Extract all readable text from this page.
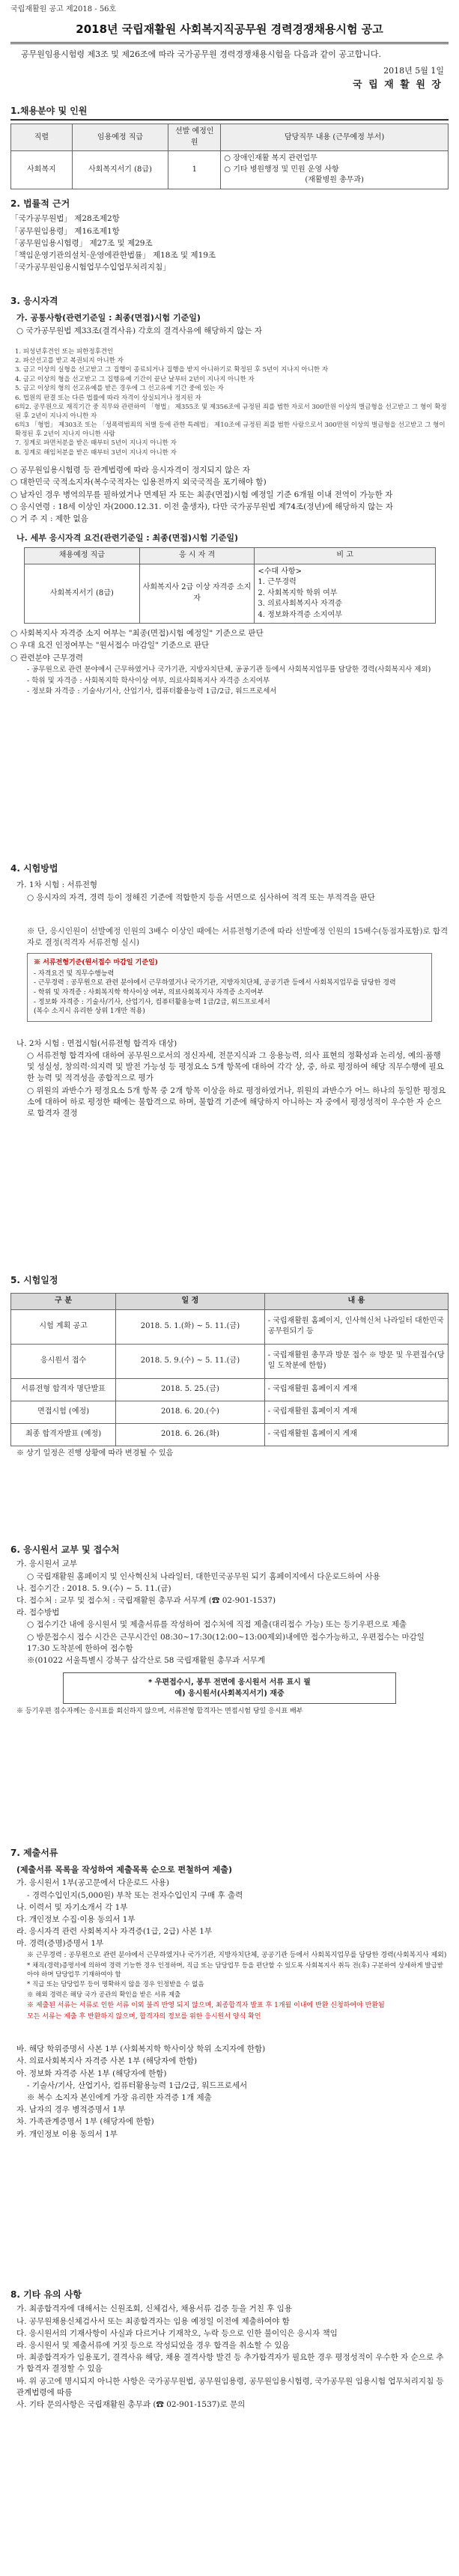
국립재활원 공고 제2018 - 56호
2018년 국립재활원 사회복지직공무원 경력경쟁채용시험 공고
공무원임용시험령 제3조 및 제26조에 따라 국가공무원 경력경쟁채용시험을 다음과 같이 공고합니다.
2018년 5월 1일
국 립 재 활 원 장
1.채용분야 및 인원
직렬	임용예정 직급	선발 예정인원	담당직무 내용 (근무예정 부서)
사회복지	사회복지서기 (8급)	1	○ 장애인재활 복지 관련업무
○ 기타 병원행정 및 민원 운영 사항
(재활병원 총무과)
2. 법률적 근거
「국가공무원법」 제28조제2항
「공무원임용령」 제16조제1항
「공무원임용시험령」 제27조 및 제29조
「책임운영기관의설치·운영에관한법률」 제18조 및 제19조
「국가공무원임용시험업무수입업무처리지침」
3. 응시자격
가. 공통사항(관련기준일 : 최종(면접)시험 기준일)
○ 국가공무원법 제33조(결격사유) 각호의 결격사유에 해당하지 않는 자
1. 피성년후견인 또는 피한정후견인
2. 파산선고를 받고 복권되지 아니한 자
3. 금고 이상의 실형을 선고받고 그 집행이 종료되거나 집행을 받지 아니하기로 확정된 후 5년이 지나지 아니한 자
4. 금고 이상의 형을 선고받고 그 집행유예 기간이 끝난 날부터 2년이 지나지 아니한 자
5. 금고 이상의 형의 선고유예를 받은 경우에 그 선고유예 기간 중에 있는 자
6. 법원의 판결 또는 다른 법률에 따라 자격이 상실되거나 정지된 자
6의2. 공무원으로 재직기간 중 직무와 관련하여 「형법」 제355조 및 제356조에 규정된 죄를 범한 자로서 300만원 이상의 벌금형을 선고받고 그 형이 확정된 후 2년이 지나지 아니한 자
6의3 「형법」 제303조 또는 「성폭력범죄의 처벌 등에 관한 특례법」 제10조에 규정된 죄를 범한 사람으로서 300만원 이상의 벌금형을 선고받고 그 형이 확정된 후 2년이 지나지 아니한 사람
7. 징계로 파면처분을 받은 때부터 5년이 지나지 아니한 자
8. 징계로 해임처분을 받은 때부터 3년이 지나지 아니한 자
○ 공무원임용시험령 등 관계법령에 따라 응시자격이 정지되지 않은 자
○ 대한민국 국적소지자(복수국적자는 임용전까지 외국국적을 포기해야 함)
○ 남자인 경우 병역의무를 필하였거나 면제된 자 또는 최종(면접)시험 예정일 기준 6개월 이내 전역이 가능한 자
○ 응시연령 : 18세 이상인 자(2000.12.31. 이전 출생자), 다만 국가공무원법 제74조(정년)에 해당하지 않는 자
○ 거 주 지 : 제한 없음
나. 세부 응시자격 요건(관련기준일 : 최종(면접)시험 기준일)
채용예정 직급	응 시 자 격	비 고
사회복지서기 (8급)	사회복지사 2급 이상 자격증 소지자	<수대 사항>
1. 근무경력
2. 사회복지학 학위 여부
3. 의료사회복지사 자격증
4. 정보화자격증 소지여부
○ 사회복지사 자격증 소지 여부는 "최종(면접)시험 예정일" 기준으로 판단
○ 우대 요건 인정여부는 "원서접수 마감일" 기준으로 판단
○ 관련분야 근무경력
- 공무원으로 관련 분야에서 근무하였거나 국가기관, 지방자치단체, 공공기관 등에서 사회복지업무를 담당한 경력(사회복지사 제외)
- 학위 및 자격증 : 사회복지학 학사이상 여부, 의료사회복지사 자격증 소지여부
- 정보화 자격증 : 기술사/기사, 산업기사, 컴퓨터활용능력 1급/2급, 워드프로세서
4. 시험방법
가. 1차 시험 : 서류전형
○ 응시자의 자격, 경력 등이 정해진 기준에 적합한지 등을 서면으로 심사하여 적격 또는 부적격을 판단
※ 단, 응시인원이 선발예정 인원의 3배수 이상인 때에는 서류전형기준에 따라 선발예정 인원의 15배수(동점자포함)로 합격자로 결정(적격자 서류전형 실시)
※ 서류전형기준(원서접수 마감일 기준일)
- 자격요건 및 직무수행능력
- 근무경력 : 공무원으로 관련 분야에서 근무하였거나 국가기관, 지방자치단체, 공공기관 등에서 사회복지업무를 담당한 경력
- 학위 및 자격증 : 사회복지학 학사이상 여부, 의료사회복지사 자격증 소지여부
- 정보화 자격증 : 기술사/기사, 산업기사, 컴퓨터활용능력 1급/2급, 워드프로세서
(복수 소지시 유리한 상위 1개만 적용)
나. 2차 시험 : 면접시험(서류전형 합격자 대상)
○ 서류전형 합격자에 대하여 공무원으로서의 정신자세, 전문지식과 그 응용능력, 의사 표현의 정확성과 논리성, 예의·품행 및 성실성, 창의력·의지력 및 발전 가능성 등 평정요소 5개 항목에 대하여 각각 상, 중, 하로 평정하여 해당 직무수행에 필요한 능력 및 적격성을 종합적으로 평가
○ 위원의 과반수가 평정요소 5개 항목 중 2개 항목 이상을 하로 평정하였거나, 위원의 과반수가 어느 하나의 동일한 평정요소에 대하여 하로 평정한 때에는 불합격으로 하며, 불합격 기준에 해당하지 아니하는 자 중에서 평정성적이 우수한 자 순으로 합격자 결정
5. 시험일정
구 분	일 정	내 용
시험 계획 공고	2018. 5. 1.(화) ~ 5. 11.(금)	- 국립재활원 홈페이지, 인사혁신처 나라일터 대한민국 공무원되기 등
응시원서 접수	2018. 5. 9.(수) ~ 5. 11.(금)	- 국립재활원 총무과 방문 접수 ※ 방문 및 우편접수(당일 도착분에 한함)
서류전형 합격자 명단발표	2018. 5. 25.(금)	- 국립재활원 홈페이지 게재
면접시험 (예정)	2018. 6. 20.(수)	- 국립재활원 홈페이지 게재
최종 합격자발표 (예정)	2018. 6. 26.(화)	- 국립재활원 홈페이지 게재
※ 상기 일정은 진행 상황에 따라 변경될 수 있음
6. 응시원서 교부 및 접수처
가. 응시원서 교부
○ 국립재활원 홈페이지 및 인사혁신처 나라일터, 대한민국공무원 되기 홈페이지에서 다운로드하여 사용
나. 접수기간 : 2018. 5. 9.(수) ~ 5. 11.(금)
다. 접수처 : 교무 및 접수처 : 국립재활원 총무과 서무계 (☎ 02-901-1537)
라. 접수방법
○ 접수기간 내에 응시원서 및 제출서류를 작성하여 접수처에 직접 제출(대리접수 가능) 또는 등기우편으로 제출
○ 방문접수시 접수 시간은 근무시간인 08:30~17:30(12:00~13:00제외)내에만 접수가능하고, 우편접수는 마감일 17:30 도착분에 한하여 접수함
※(01022 서울특별시 강북구 삼각산로 58 국립재활원 총무과 서무계
* 우편접수시, 봉투 전면에 응시원서 서류 표시 필
예) 응시원서(사회복지서기) 재중
※ 등기우편 접수자께는 응시표를 회신하지 않으며, 서류전형 합격자는 면접시험 당일 응시표 배부
7. 제출서류
(제출서류 목록을 작성하여 제출목록 순으로 편철하여 제출)
가. 응시원서 1부(공고문에서 다운로드 사용)
- 경력수입인지(5,000원) 부착 또는 전자수입인지 구매 후 출력
나. 이력서 및 자기소개서 각 1부
다. 개인정보 수집·이용 동의서 1부
라. 응시자격 관련 사회복지사 자격증(1급, 2급) 사본 1부
마. 경력(증명)증명서 1부
※ 근무경력 : 공무원으로 관련 분야에서 근무하였거나 국가기관, 지방자치단체, 공공기관 등에서 사회복지업무를 담당한 경력(사회복지사 제외)
* 채직(경력)증명서에 의하여 경력 기능한 경우 인정하며, 직급 또는 담당업무 등을 편단할 수 있도록 사회복지사 취득 전(후) 구분하여 상세하게 발급받아야 하며 담당업무 기재하여야 함
* 직급 또는 담당업무 등이 명확하지 않을 경우 인정받을 수 없음
※ 해외 경력은 해당 국가 공관의 확인을 받은 서류 제출
※ 제출된 서류는 서류로 인한 서류 이외 불리 반영 되지 않으며, 최종합격자 발표 후 1개월 이내에 반환 신청하여야 반환됨
모든 서류는 제출 후 반환하지 않으며, 합격자의 정보를 위한 응시원서 양식 확인
바. 해당 학위증명서 사본 1부 (사회복지학 학사이상 학위 소지자에 한함)
사. 의료사회복지사 자격증 사본 1부 (해당자에 한함)
아. 정보화 자격증 사본 1부 (해당자에 한함)
- 기술사/기사, 산업기사, 컴퓨터활용능력 1급/2급, 워드프로세서
※ 복수 소지자 본인에게 가장 유리한 자격증 1개 제출
자. 남자의 경우 병적증명서 1부
차. 가족관계증명서 1부 (해당자에 한함)
카. 개인정보 이용 동의서 1부
8. 기타 유의 사항
가. 최종합격자에 대해서는 신원조회, 신체검사, 채용서류 검증 등을 거친 후 임용
나. 공무원채용신체검사서 또는 최종합격자는 임용 예정일 이전에 제출하여야 함
다. 응시원서의 기재사항이 사실과 다르거나 기재착오, 누락 등으로 인한 불이익은 응시자 책임
라. 응시원서 및 제출서류에 거짓 등으로 작성되었을 경우 합격을 취소할 수 있음
마. 최종합격자가 임용포기, 결격사유 해당, 채용 결격사항 발견 등 추가합격자가 필요한 경우 평정성적이 우수한 자 순으로 추가 합격자 결정할 수 있음
바. 위 공고에 명시되지 아니한 사항은 국가공무원법, 공무원임용령, 공무원임용시험령, 국가공무원 임용시험 업무처리지침 등 관계법령에 따름
사. 기타 문의사항은 국립재활원 총무과 (☎ 02-901-1537)로 문의
